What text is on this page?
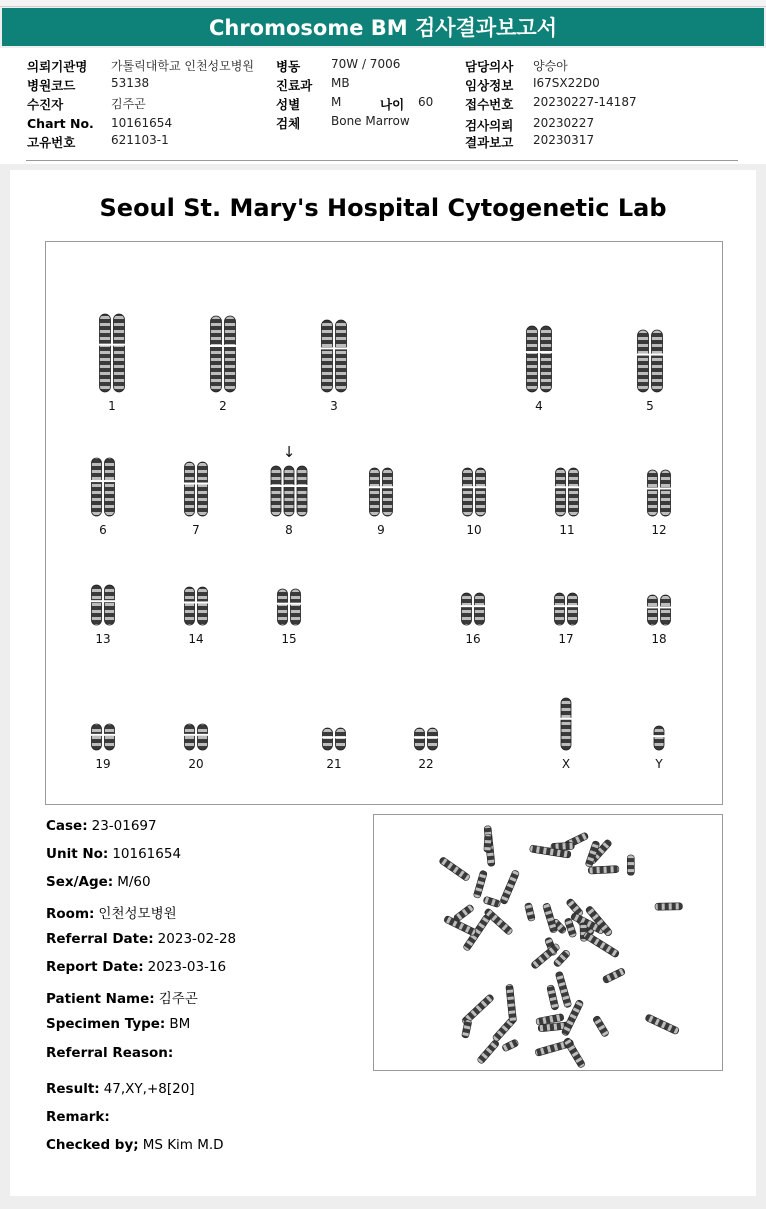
Chromosome BM 검사결과보고서
의뢰기관명 가톨릭대학교 인천성모병원
병원코드	53138
수진자	김주곤
Chart No. 10161654
고유번호	621103-1
병동	70W / 7006
진료과 MB
성별	M	나이 60
검체	Bone Marrow
담당의사 양승아
임상정보 I67SX22D0
접수번호 20230227-14187
검사의뢰 20230227
결과보고 20230317
Seoul St. Mary's Hospital Cytogenetic Lab
1	2	3	4	5
6	7	8
↓
9	10	11	12
13	14	15	16	17	18
19	20	21	22	X	Y
Case: 23-01697
Unit No: 10161654
Sex/Age: M/60
Room: 인천성모병원
Referral Date: 2023-02-28
Report Date: 2023-03-16
Patient Name: 김주곤
Specimen Type: BM
Referral Reason:
Result: 47,XY,+8[20]
Remark:
Checked by; MS Kim M.D
